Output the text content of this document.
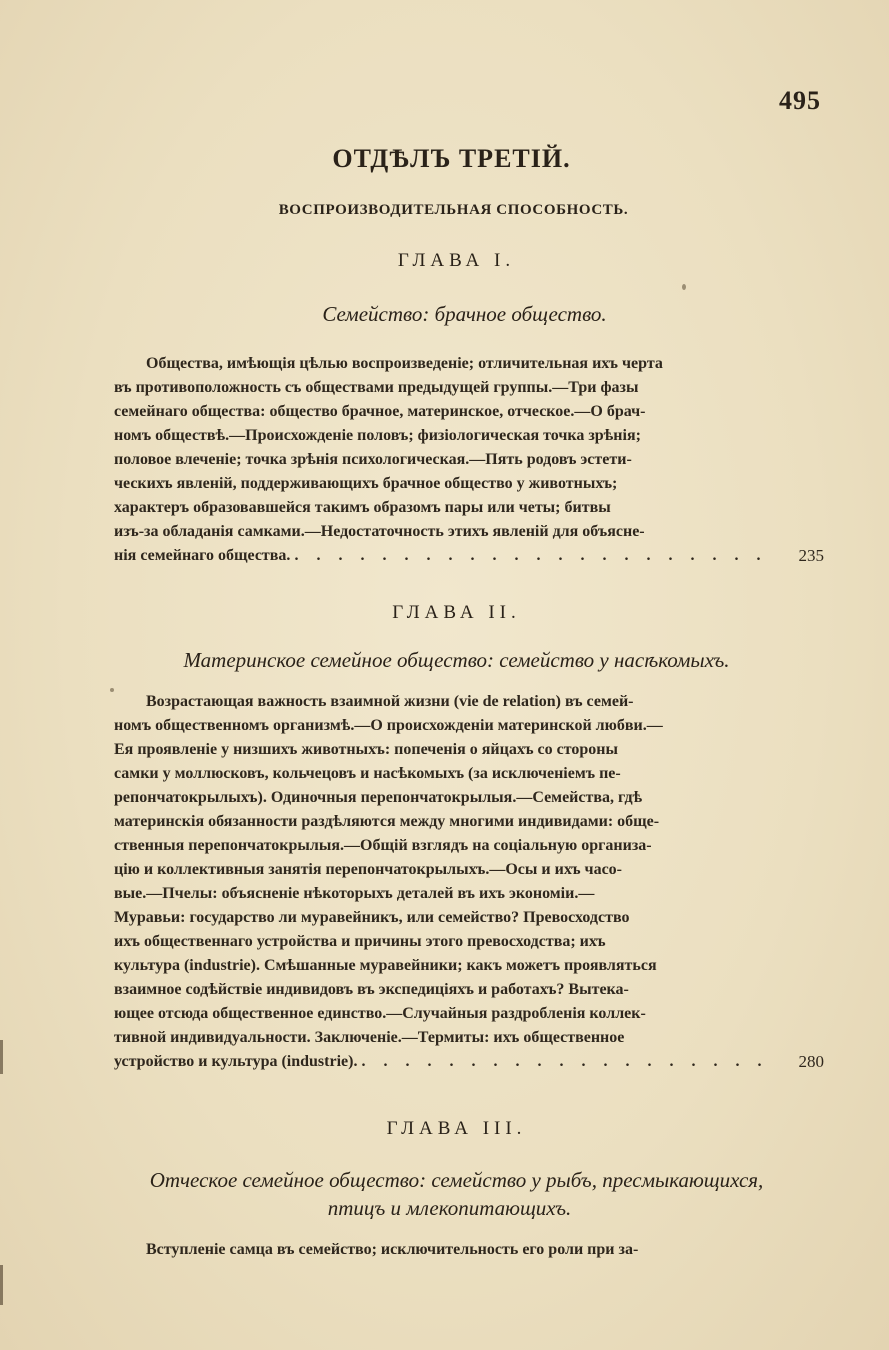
495
ОТДѢЛЪ ТРЕТІЙ.
ВОСПРОИЗВОДИТЕЛЬНАЯ СПОСОБНОСТЬ.
ГЛАВА I.
Семейство: брачное общество.

Общества, имѣющія цѣлью воспроизведеніе; отличительная ихъ черта

въ противоположность съ обществами предыдущей группы.—Три фазы
семейнаго общества: общество брачное, материнское, отческое.—О брач-
номъ обществѣ.—Происхожденіе половъ; физіологическая точка зрѣнія;
половое влеченіе; точка зрѣнія психологическая.—Пять родовъ эстети-
ческихъ явленій, поддерживающихъ брачное общество у животныхъ;
характеръ образовавшейся такимъ образомъ пары или четы; битвы
изъ-за обладанія самками.—Недостаточность этихъ явленій для объясне-
нія семейнаго общества. . . .	235
ГЛАВА II.
Материнское семейное общество: семейство у насѣкомыхъ.

Возрастающая важность взаимной жизни (vie de relation) въ семей-

номъ общественномъ организмѣ.—О происхожденіи материнской любви.—
Ея проявленіе у низшихъ животныхъ: попеченія о яйцахъ со стороны
самки у моллюсковъ, кольчецовъ и насѣкомыхъ (за исключеніемъ пе-
репончатокрылыхъ). Одиночныя перепончатокрылыя.—Семейства, гдѣ
материнскія обязанности раздѣляются между многими индивидами: обще-
ственныя перепончатокрылыя.—Общій взглядъ на соціальную организа-
цію и коллективныя занятія перепончатокрылыхъ.—Осы и ихъ часо-
вые.—Пчелы: объясненіе нѣкоторыхъ деталей въ ихъ экономіи.—
Муравьи: государство ли муравейникъ, или семейство? Превосходство
ихъ общественнаго устройства и причины этого превосходства; ихъ
культура (industrie). Смѣшанные муравейники; какъ можетъ проявляться
взаимное содѣйствіе индивидовъ въ экспедиціяхъ и работахъ? Вытека-
ющее отсюда общественное единство.—Случайныя раздробленія коллек-
тивной индивидуальности. Заключеніе.—Термиты: ихъ общественное
устройство и культура (industrie). . . .	280
ГЛАВА III.
Отческое семейное общество: семейство у рыбъ, пресмыкающихся,
птицъ и млекопитающихъ.

Вступленіе самца въ семейство; исключительность его роли при за-
